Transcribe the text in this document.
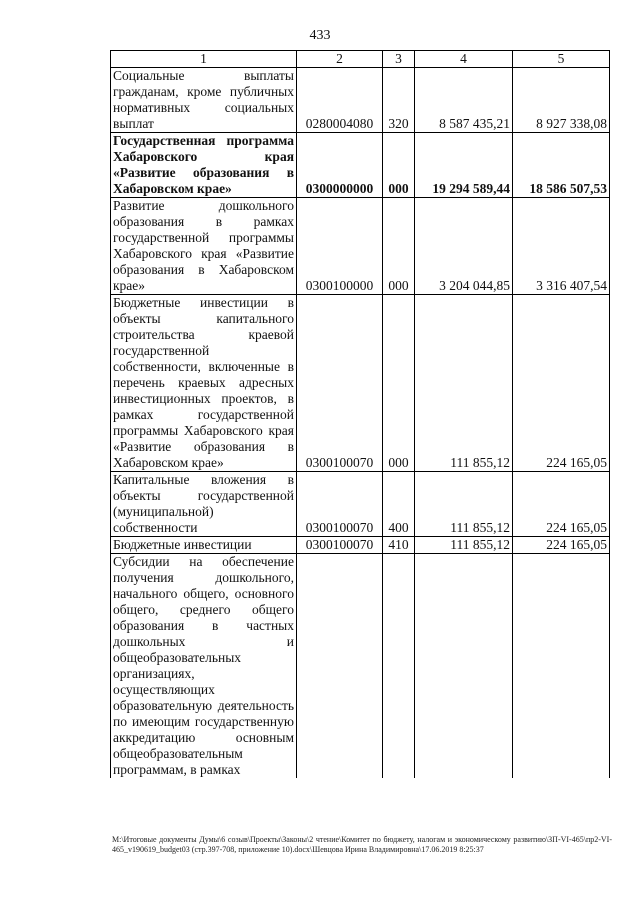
433
1	2	3	4	5
Социальные выплаты гражданам, кроме публичных нормативных социальных выплат	0280004080	320	8 587 435,21	8 927 338,08
Государственная программа Хабаровского края «Развитие образования в Хабаровском крае»	0300000000	000	19 294 589,44	18 586 507,53
Развитие дошкольного образования в рамках государственной программы Хабаровского края «Развитие образования в Хабаровском крае»	0300100000	000	3 204 044,85	3 316 407,54
Бюджетные инвестиции в объекты капитального строительства краевой государственной собственности, включенные в перечень краевых адресных инвестиционных проектов, в рамках государственной программы Хабаровского края «Развитие образования в Хабаровском крае»	0300100070	000	111 855,12	224 165,05
Капитальные вложения в объекты государственной (муниципальной) собственности	0300100070	400	111 855,12	224 165,05
Бюджетные инвестиции	0300100070	410	111 855,12	224 165,05
Субсидии на обеспечение получения дошкольного, начального общего, основного общего, среднего общего образования в частных дошкольных и общеобразовательных организациях, осуществляющих образовательную деятельность по имеющим государственную аккредитацию основным общеобразовательным программам, в рамках				
M:\Итоговые документы Думы\6 созыв\Проекты\Законы\2 чтение\Комитет по бюджету, налогам и экономическому развитию\ЗП-VI-465\пр2-VI-465_v190619_budget03 (стр.397-708, приложение 10).docx\Шевцова Ирина Владимировна\17.06.2019 8:25:37
